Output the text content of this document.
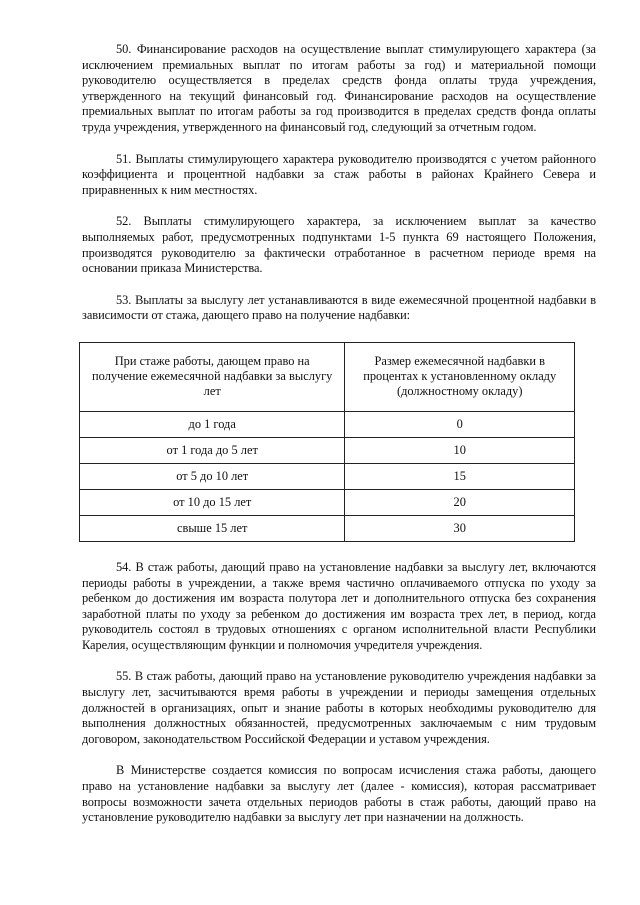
50. Финансирование расходов на осуществление выплат стимулирующего характера (за исключением премиальных выплат по итогам работы за год) и материальной помощи руководителю осуществляется в пределах средств фонда оплаты труда учреждения, утвержденного на текущий финансовый год. Финансирование расходов на осуществление премиальных выплат по итогам работы за год производится в пределах средств фонда оплаты труда учреждения, утвержденного на финансовый год, следующий за отчетным годом.

51. Выплаты стимулирующего характера руководителю производятся с учетом районного коэффициента и процентной надбавки за стаж работы в районах Крайнего Севера и приравненных к ним местностях.

52. Выплаты стимулирующего характера, за исключением выплат за качество выполняемых работ, предусмотренных подпунктами 1-5 пункта 69 настоящего Положения, производятся руководителю за фактически отработанное в расчетном периоде время на основании приказа Министерства.

53. Выплаты за выслугу лет устанавливаются в виде ежемесячной процентной надбавки в зависимости от стажа, дающего право на получение надбавки:

При стаже работы, дающем право на получение ежемесячной надбавки за выслугу лет	Размер ежемесячной надбавки в процентах к установленному окладу (должностному окладу)
до 1 года	0
от 1 года до 5 лет	10
от 5 до 10 лет	15
от 10 до 15 лет	20
свыше 15 лет	30

54. В стаж работы, дающий право на установление надбавки за выслугу лет, включаются периоды работы в учреждении, а также время частично оплачиваемого отпуска по уходу за ребенком до достижения им возраста полутора лет и дополнительного отпуска без сохранения заработной платы по уходу за ребенком до достижения им возраста трех лет, в период, когда руководитель состоял в трудовых отношениях с органом исполнительной власти Республики Карелия, осуществляющим функции и полномочия учредителя учреждения.

55. В стаж работы, дающий право на установление руководителю учреждения надбавки за выслугу лет, засчитываются время работы в учреждении и периоды замещения отдельных должностей в организациях, опыт и знание работы в которых необходимы руководителю для выполнения должностных обязанностей, предусмотренных заключаемым с ним трудовым договором, законодательством Российской Федерации и уставом учреждения.

В Министерстве создается комиссия по вопросам исчисления стажа работы, дающего право на установление надбавки за выслугу лет (далее - комиссия), которая рассматривает вопросы возможности зачета отдельных периодов работы в стаж работы, дающий право на установление руководителю надбавки за выслугу лет при назначении на должность.
